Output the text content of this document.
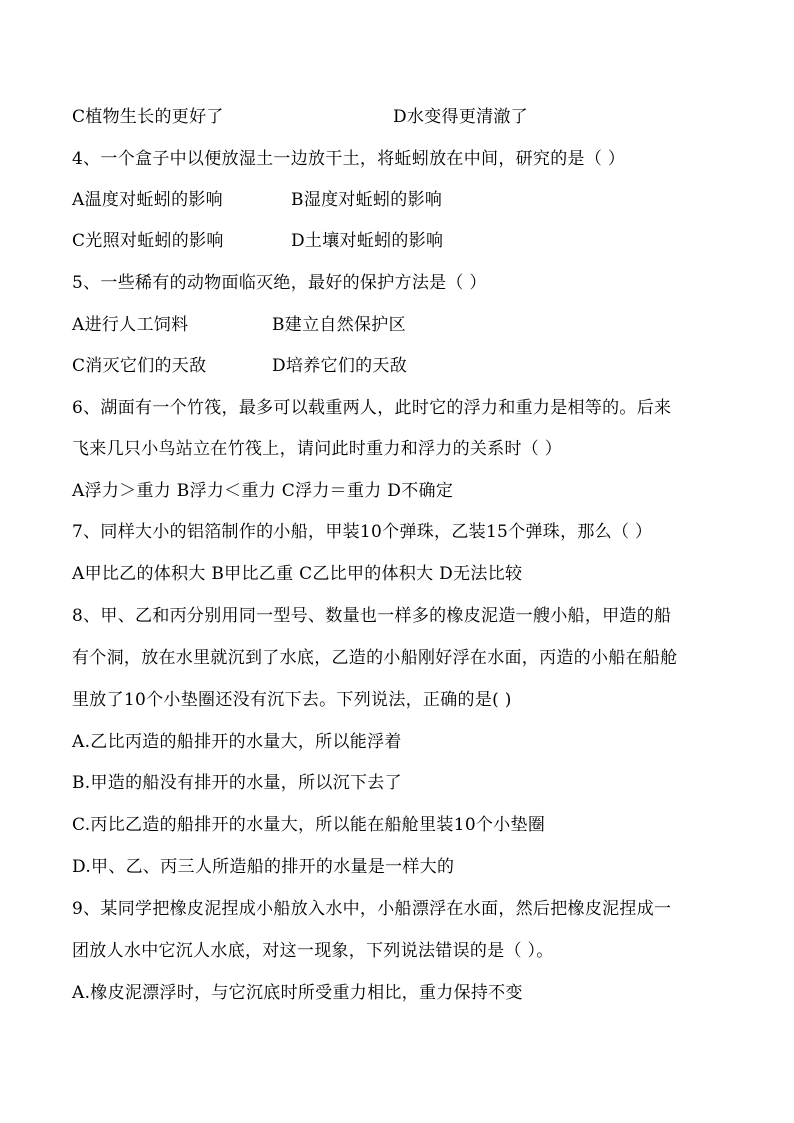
C植物生长的更好了	D水变得更清澈了
4、一个盒子中以便放湿土一边放干土，将蚯蚓放在中间，研究的是（ ）
A温度对蚯蚓的影响	B湿度对蚯蚓的影响
C光照对蚯蚓的影响	D土壤对蚯蚓的影响
5、一些稀有的动物面临灭绝，最好的保护方法是（ ）
A进行人工饲料	B建立自然保护区
C消灭它们的天敌	D培养它们的天敌
6、湖面有一个竹筏，最多可以载重两人，此时它的浮力和重力是相等的。后来
飞来几只小鸟站立在竹筏上，请问此时重力和浮力的关系时（ ）
A浮力＞重力 B浮力＜重力 C浮力＝重力 D不确定
7、同样大小的铝箔制作的小船，甲装10个弹珠，乙装15个弹珠，那么（ ）
A甲比乙的体积大 B甲比乙重 C乙比甲的体积大 D无法比较
8、甲、乙和丙分别用同一型号、数量也一样多的橡皮泥造一艘小船，甲造的船
有个洞，放在水里就沉到了水底，乙造的小船刚好浮在水面，丙造的小船在船舱
里放了10个小垫圈还没有沉下去。下列说法，正确的是( )
A.乙比丙造的船排开的水量大，所以能浮着
B.甲造的船没有排开的水量，所以沉下去了
C.丙比乙造的船排开的水量大，所以能在船舱里装10个小垫圈
D.甲、乙、丙三人所造船的排开的水量是一样大的
9、某同学把橡皮泥捏成小船放入水中，小船漂浮在水面，然后把橡皮泥捏成一
团放人水中它沉人水底，对这一现象，下列说法错误的是（ ）。
A.橡皮泥漂浮时，与它沉底时所受重力相比，重力保持不变
